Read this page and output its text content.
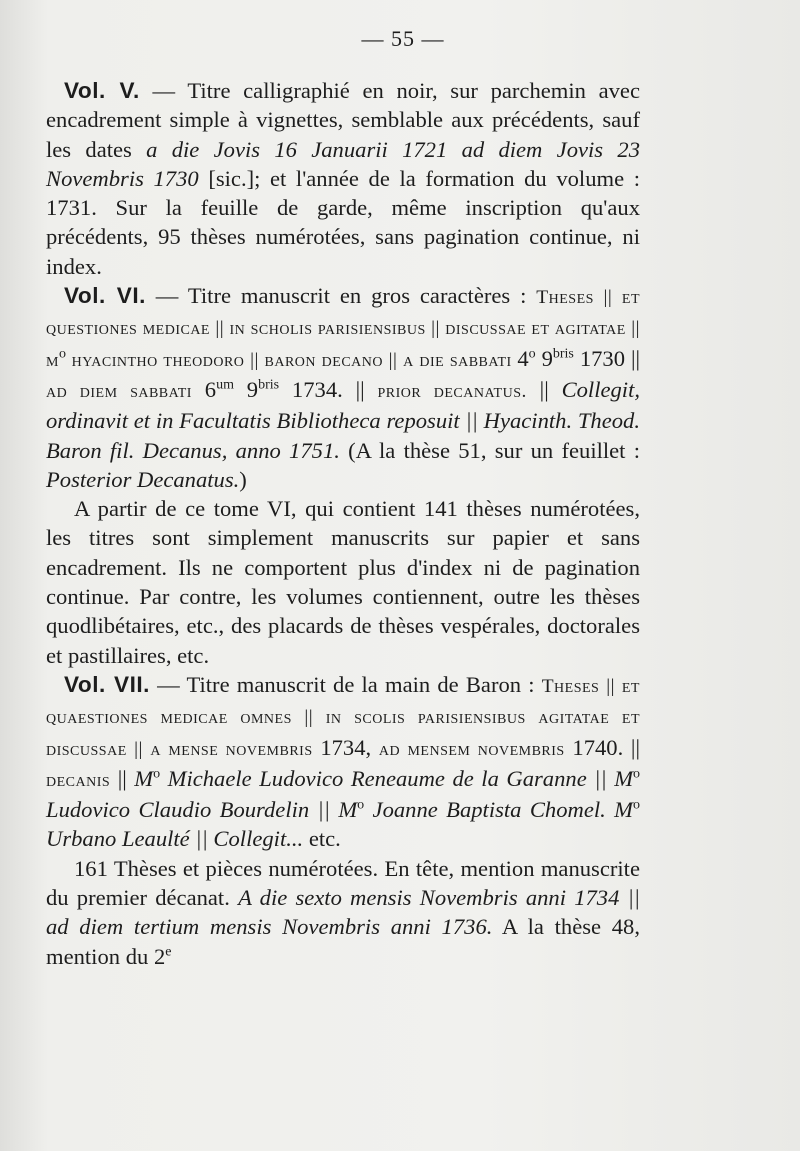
— 55 —

Vol. V. — Titre calligraphié en noir, sur parchemin avec encadrement simple à vignettes, semblable aux précédents, sauf les dates a die Jovis 16 Januarii 1721 ad diem Jovis 23 Novembris 1730 [sic.]; et l'année de la formation du volume : 1731. Sur la feuille de garde, même inscription qu'aux précédents, 95 thèses numérotées, sans pagination continue, ni index.

Vol. VI. — Titre manuscrit en gros caractères : Theses || et questiones medicae || in scholis parisiensibus || discussae et agitatae || $m^o$ hyacintho theodoro || baron decano || a die sabbati 4$^o$ $9^{bris}$ 1730 || ad diem sabbati $6^{um}$ $9^{bris}$ 1734. || prior decanatus. || Collegit, ordinavit et in Facultatis Bibliotheca reposuit || Hyacinth. Theod. Baron fil. Decanus, anno 1751. (A la thèse 51, sur un feuillet : Posterior Decanatus.)

A partir de ce tome VI, qui contient 141 thèses numérotées, les titres sont simplement manuscrits sur papier et sans encadrement. Ils ne comportent plus d'index ni de pagination continue. Par contre, les volumes contiennent, outre les thèses quodlibétaires, etc., des placards de thèses vespérales, doctorales et pastillaires, etc.

Vol. VII. — Titre manuscrit de la main de Baron : Theses || et quaestiones medicae omnes || in scolis parisiensibus agitatae et discussae || a mense novembris 1734, ad mensem novembris 1740. || decanis || $M^o$ Michaele Ludovico Reneaume de la Garanne || $M^o$ Ludovico Claudio Bourdelin || $M^o$ Joanne Baptista Chomel. $M^o$ Urbano Leaulté || Collegit... etc.

161 Thèses et pièces numérotées. En tête, mention manuscrite du premier décanat. A die sexto mensis Novembris anni 1734 || ad diem tertium mensis Novembris anni 1736. A la thèse 48, mention du 2e
